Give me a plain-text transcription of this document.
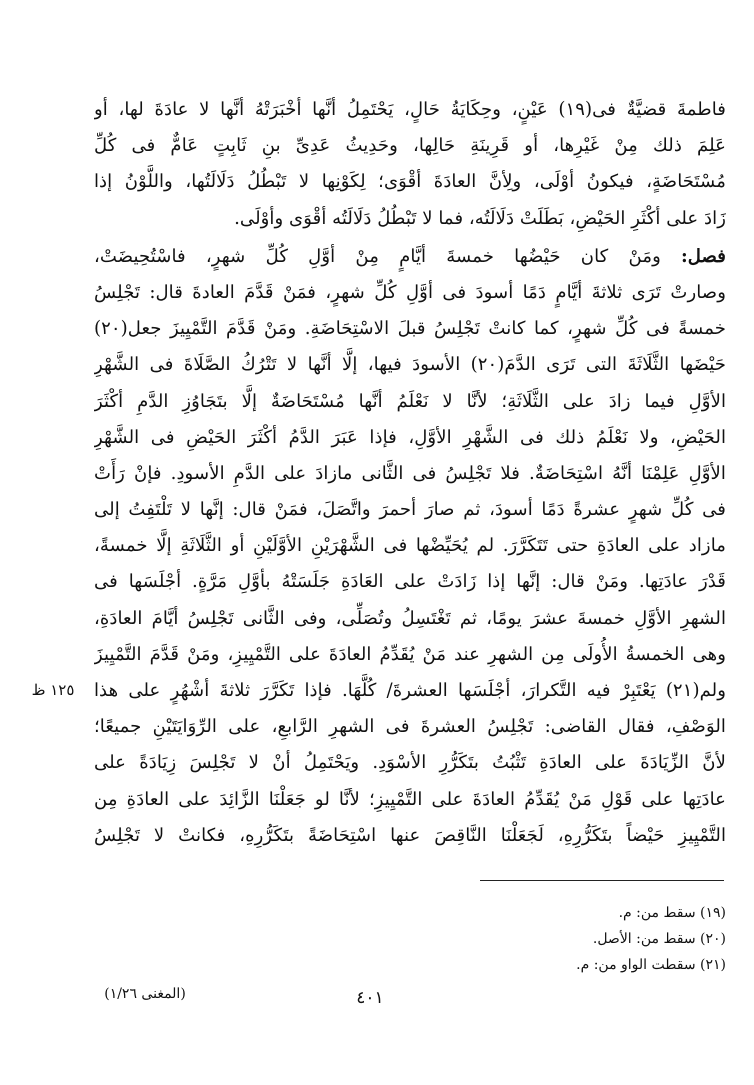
فاطمةَ قضيَّةٌ فى(١٩) عَيْنٍ، وحِكَايَةُ حَالٍ، يَحْتَمِلُ أنَّها أخْبَرَتْهُ أنَّها لا عادَةَ لها، أو
عَلِمَ ذلك مِنْ غَيْرِها، أو قَرِينَةِ حَالِها، وحَدِيثُ عَدِىِّ بنِ ثَابِتٍ عَامٌّ فى كُلِّ
مُسْتَحَاضَةٍ، فيكونُ أوْلَى، ولِأنَّ العادَةَ أقْوَى؛ لِكَوْنِها لا تَبْطُلُ دَلَالَتُها، واللَّوْنُ إذا
زَادَ على أكْثَرِ الحَيْضِ، بَطَلَتْ دَلَالَتُه، فما لا تَبْطُلُ دَلَالَتُه أقْوَى وأوْلَى.
فصل: ومَنْ كان حَيْضُها خمسةَ أيَّامٍ مِنْ أوَّلِ كُلِّ شهرٍ، فاسْتُحِيضَتْ،
وصارتْ تَرَى ثلاثةَ أيَّامٍ دَمًا أسودَ فى أوَّلِ كُلِّ شهرٍ، فمَنْ قَدَّمَ العادةَ قال: تَجْلِسُ
خمسةً فى كُلِّ شهرٍ، كما كانتْ تَجْلِسُ قبلَ الاسْتِحَاضَةِ. ومَنْ قَدَّمَ التَّمْيِيزَ جعل(٢٠)
حَيْضَها الثَّلَاثَةَ التى تَرَى الدَّمَ(٢٠) الأسودَ فيها، إلَّا أنَّها لا تَتْرُكُ الصَّلَاةَ فى الشَّهْرِ
الأوَّلِ فيما زادَ على الثَّلَاثَةِ؛ لأنَّا لا نَعْلَمُ أنَّها مُسْتَحَاضَةٌ إلَّا بتَجَاوُزِ الدَّمِ أكْثَرَ
الحَيْضِ، ولا نَعْلَمُ ذلك فى الشَّهْرِ الأوَّلِ، فإذا عَبَرَ الدَّمُ أكْثَرَ الحَيْضِ فى الشَّهْرِ
الأوَّلِ عَلِمْنَا أنَّهُ اسْتِحَاضَةٌ. فلا تَجْلِسُ فى الثَّانى مازادَ على الدَّمِ الأسودِ. فإنْ رَأَتْ
فى كُلِّ شهرٍ عشرةً دَمًا أسودَ، ثم صارَ أحمرَ واتَّصَلَ، فمَنْ قال: إنَّها لا تَلْتَفِتُ إلى
مازاد على العادَةِ حتى تَتَكَرَّرَ. لم يُحَيِّضْها فى الشَّهْرَيْنِ الأوَّلَيْنِ أو الثَّلَاثَةِ إلَّا خمسةً،
قَدْرَ عادَتِها. ومَنْ قال: إنَّها إذا زَادَتْ على العَادَةِ جَلَسَتْهُ بأوَّلِ مَرَّةٍ. أجْلَسَها فى
الشهرِ الأوَّلِ خمسةَ عشرَ يومًا، ثم تَغْتَسِلُ وتُصَلِّى، وفى الثَّانى تَجْلِسُ أيَّامَ العادَةِ،
وهى الخمسةُ الأُولَى مِن الشهرِ عند مَنْ يُقَدِّمُ العادَةَ على التَّمْيِيزِ، ومَنْ قَدَّمَ التَّمْيِيزَ
ولم(٢١) يَعْتَبِرْ فيه التَّكرارَ، أجْلَسَها العشرةَ/ كُلَّهَا. فإذا تَكَرَّرَ ثلاثةَ أشْهُرٍ على هذا
الوَصْفِ، فقال القاضى: تَجْلِسُ العشرةَ فى الشهرِ الرَّابعِ، على الرِّوَايَتَيْنِ جميعًا؛
لأنَّ الزِّيَادَةَ على العادَةِ تَثْبُتُ بتَكَرُّرِ الأسْوَدِ. ويَحْتَمِلُ أنْ لا تَجْلِسَ زِيَادَةً على
عادَتِها على قَوْلِ مَنْ يُقَدِّمُ العادَةَ على التَّمْيِيزِ؛ لأنَّا لو جَعَلْنَا الزَّائِدَ على العادَةِ مِن
التَّمْيِيزِ حَيْضاً بتَكَرُّرِهِ، لَجَعَلْنَا النَّاقِصَ عنها اسْتِحَاضَةً بتَكَرُّرِهِ، فكانتْ لا تَجْلِسُ
١٢٥ ظ
(١٩) سقط من: م.
(٢٠) سقط من: الأصل.
(٢١) سقطت الواو من: م.
٤٠١
(المغنى ١/٢٦)
